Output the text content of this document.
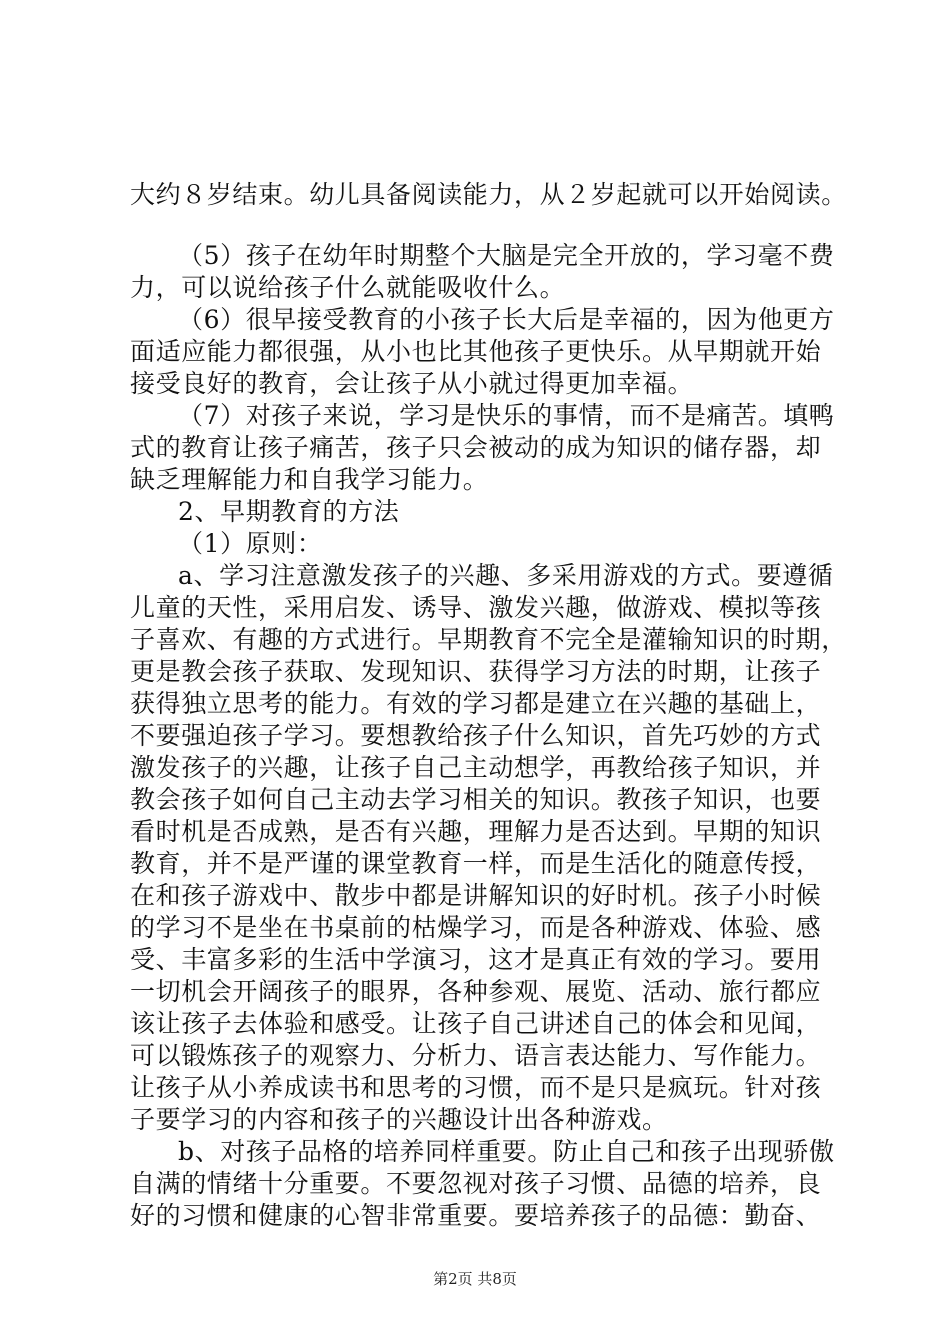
大约８岁结束。幼儿具备阅读能力，从２岁起就可以开始阅读。
（5）孩子在幼年时期整个大脑是完全开放的，学习毫不费
力，可以说给孩子什么就能吸收什么。
（6）很早接受教育的小孩子长大后是幸福的，因为他更方
面适应能力都很强，从小也比其他孩子更快乐。从早期就开始
接受良好的教育，会让孩子从小就过得更加幸福。
（7）对孩子来说，学习是快乐的事情，而不是痛苦。填鸭
式的教育让孩子痛苦，孩子只会被动的成为知识的储存器，却
缺乏理解能力和自我学习能力。
2、早期教育的方法
（1）原则：
a、学习注意激发孩子的兴趣、多采用游戏的方式。要遵循
儿童的天性，采用启发、诱导、激发兴趣，做游戏、模拟等孩
子喜欢、有趣的方式进行。早期教育不完全是灌输知识的时期，
更是教会孩子获取、发现知识、获得学习方法的时期，让孩子
获得独立思考的能力。有效的学习都是建立在兴趣的基础上，
不要强迫孩子学习。要想教给孩子什么知识，首先巧妙的方式
激发孩子的兴趣，让孩子自己主动想学，再教给孩子知识，并
教会孩子如何自己主动去学习相关的知识。教孩子知识，也要
看时机是否成熟，是否有兴趣，理解力是否达到。早期的知识
教育，并不是严谨的课堂教育一样，而是生活化的随意传授，
在和孩子游戏中、散步中都是讲解知识的好时机。孩子小时候
的学习不是坐在书桌前的枯燥学习，而是各种游戏、体验、感
受、丰富多彩的生活中学演习，这才是真正有效的学习。要用
一切机会开阔孩子的眼界，各种参观、展览、活动、旅行都应
该让孩子去体验和感受。让孩子自己讲述自己的体会和见闻，
可以锻炼孩子的观察力、分析力、语言表达能力、写作能力。
让孩子从小养成读书和思考的习惯，而不是只是疯玩。针对孩
子要学习的内容和孩子的兴趣设计出各种游戏。
b、对孩子品格的培养同样重要。防止自己和孩子出现骄傲
自满的情绪十分重要。不要忽视对孩子习惯、品德的培养，良
好的习惯和健康的心智非常重要。要培养孩子的品德：勤奋、
第2页 共8页
